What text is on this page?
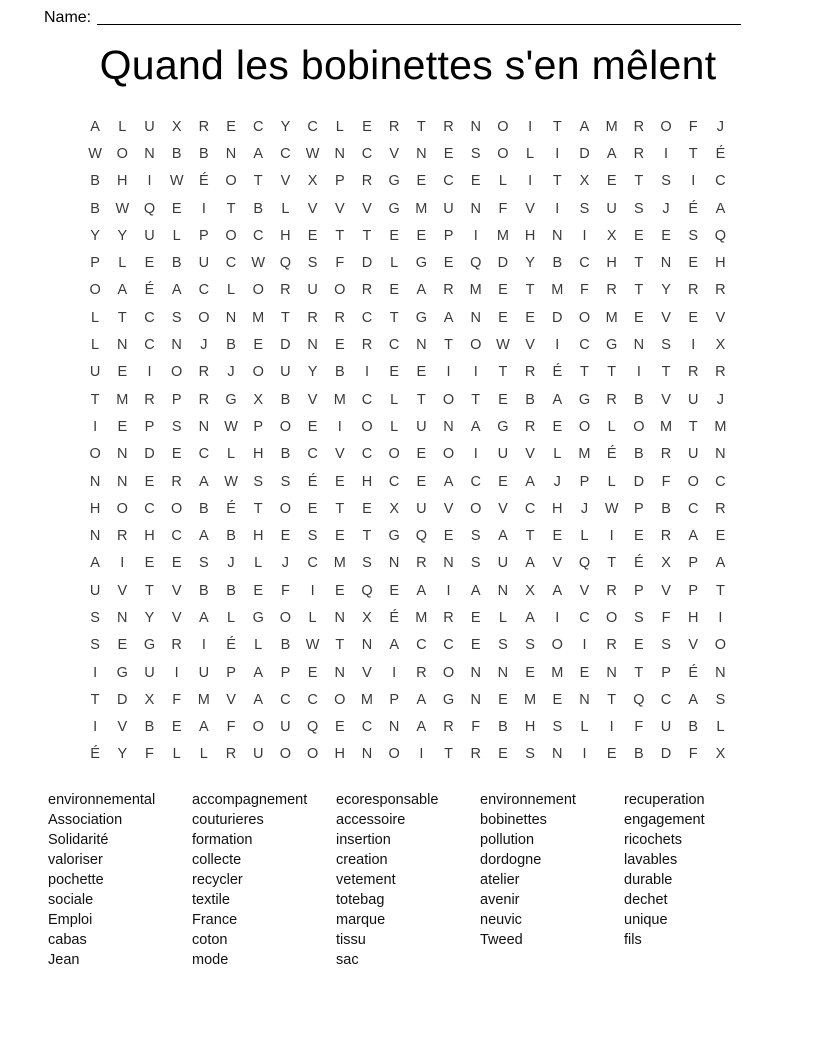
Name:
Quand les bobinettes s'en mêlent
A	L	U	X	R	E	C	Y	C	L	E	R	T	R	N	O	I	T	A	M	R	O	F	J
W	O	N	B	B	N	A	C	W	N	C	V	N	E	S	O	L	I	D	A	R	I	T	É
B	H	I	W	É	O	T	V	X	P	R	G	E	C	E	L	I	T	X	E	T	S	I	C
B	W	Q	E	I	T	B	L	V	V	V	G	M	U	N	F	V	I	S	U	S	J	É	A
Y	Y	U	L	P	O	C	H	E	T	T	E	E	P	I	M	H	N	I	X	E	E	S	Q
P	L	E	B	U	C	W	Q	S	F	D	L	G	E	Q	D	Y	B	C	H	T	N	E	H
O	A	É	A	C	L	O	R	U	O	R	E	A	R	M	E	T	M	F	R	T	Y	R	R
L	T	C	S	O	N	M	T	R	R	C	T	G	A	N	E	E	D	O	M	E	V	E	V
L	N	C	N	J	B	E	D	N	E	R	C	N	T	O	W	V	I	C	G	N	S	I	X
U	E	I	O	R	J	O	U	Y	B	I	E	E	I	I	T	R	É	T	T	I	T	R	R
T	M	R	P	R	G	X	B	V	M	C	L	T	O	T	E	B	A	G	R	B	V	U	J
I	E	P	S	N	W	P	O	E	I	O	L	U	N	A	G	R	E	O	L	O	M	T	M
O	N	D	E	C	L	H	B	C	V	C	O	E	O	I	U	V	L	M	É	B	R	U	N
N	N	E	R	A	W	S	S	É	E	H	C	E	A	C	E	A	J	P	L	D	F	O	C
H	O	C	O	B	É	T	O	E	T	E	X	U	V	O	V	C	H	J	W	P	B	C	R
N	R	H	C	A	B	H	E	S	E	T	G	Q	E	S	A	T	E	L	I	E	R	A	E
A	I	E	E	S	J	L	J	C	M	S	N	R	N	S	U	A	V	Q	T	É	X	P	A
U	V	T	V	B	B	E	F	I	E	Q	E	A	I	A	N	X	A	V	R	P	V	P	T
S	N	Y	V	A	L	G	O	L	N	X	É	M	R	E	L	A	I	C	O	S	F	H	I
S	E	G	R	I	É	L	B	W	T	N	A	C	C	E	S	S	O	I	R	E	S	V	O
I	G	U	I	U	P	A	P	E	N	V	I	R	O	N	N	E	M	E	N	T	P	É	N
T	D	X	F	M	V	A	C	C	O	M	P	A	G	N	E	M	E	N	T	Q	C	A	S
I	V	B	E	A	F	O	U	Q	E	C	N	A	R	F	B	H	S	L	I	F	U	B	L
É	Y	F	L	L	R	U	O	O	H	N	O	I	T	R	E	S	N	I	E	B	D	F	X
environnemental
Association
Solidarité
valoriser
pochette
sociale
Emploi
cabas
Jean
accompagnement
couturieres
formation
collecte
recycler
textile
France
coton
mode
ecoresponsable
accessoire
insertion
creation
vetement
totebag
marque
tissu
sac
environnement
bobinettes
pollution
dordogne
atelier
avenir
neuvic
Tweed
recuperation
engagement
ricochets
lavables
durable
dechet
unique
fils
